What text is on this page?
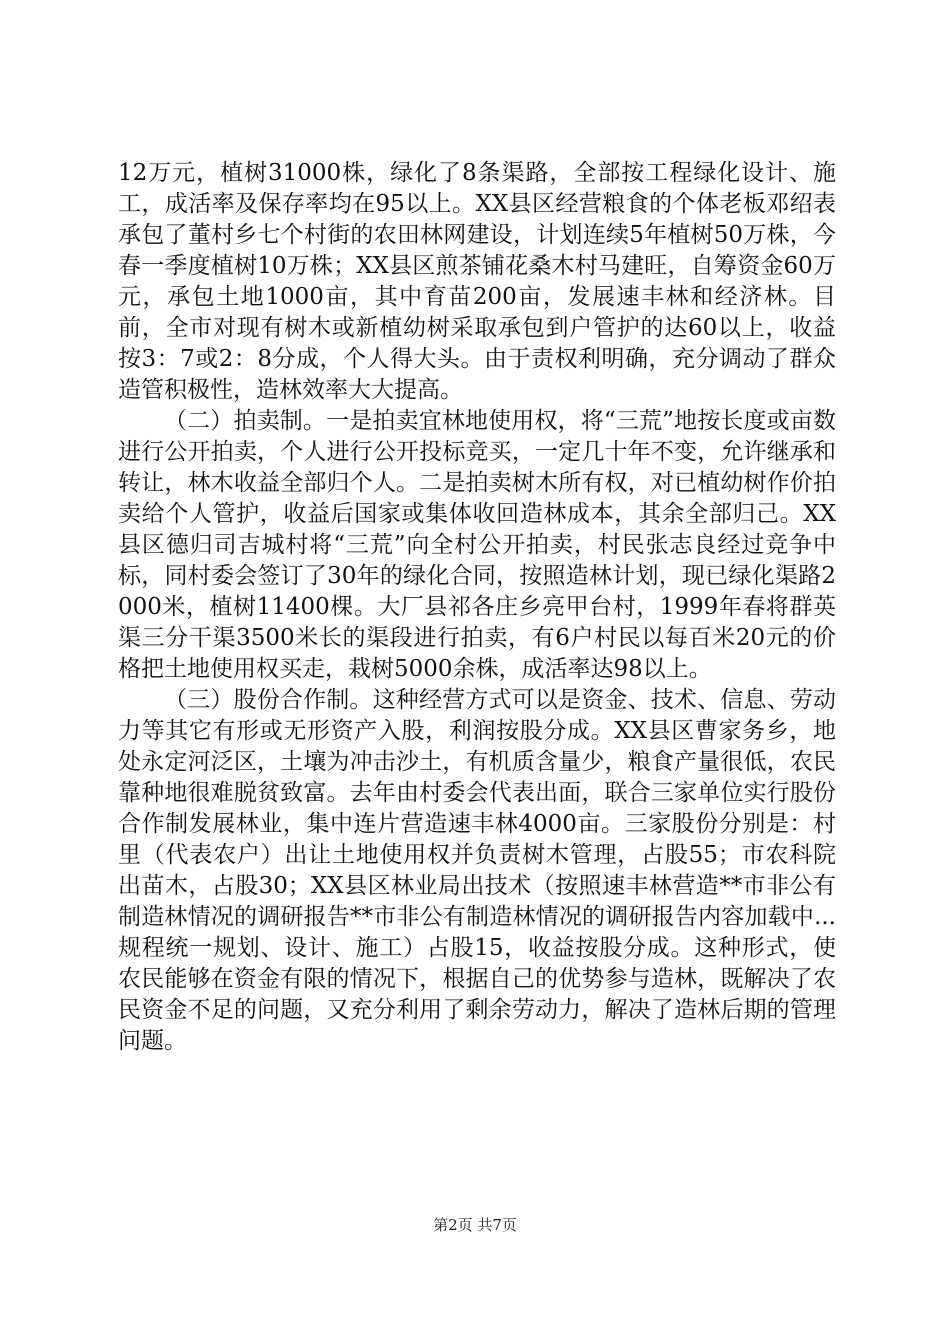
12万元，植树31000株，绿化了8条渠路，全部按工程绿化设计、施工，成活率及保存率均在95以上。XX县区经营粮食的个体老板邓绍表承包了董村乡七个村街的农田林网建设，计划连续5年植树50万株，今春一季度植树10万株；XX县区煎茶铺花桑木村马建旺，自筹资金60万元，承包土地1000亩，其中育苗200亩，发展速丰林和经济林。目前，全市对现有树木或新植幼树采取承包到户管护的达60以上，收益按3：7或2：8分成，个人得大头。由于责权利明确，充分调动了群众造管积极性，造林效率大大提高。

（二）拍卖制。一是拍卖宜林地使用权，将“三荒”地按长度或亩数进行公开拍卖，个人进行公开投标竞买，一定几十年不变，允许继承和转让，林木收益全部归个人。二是拍卖树木所有权，对已植幼树作价拍卖给个人管护，收益后国家或集体收回造林成本，其余全部归己。XX县区德归司吉城村将“三荒”向全村公开拍卖，村民张志良经过竞争中标，同村委会签订了30年的绿化合同，按照造林计划，现已绿化渠路2000米，植树11400棵。大厂县祁各庄乡亮甲台村，1999年春将群英渠三分干渠3500米长的渠段进行拍卖，有6户村民以每百米20元的价格把土地使用权买走，栽树5000余株，成活率达98以上。

（三）股份合作制。这种经营方式可以是资金、技术、信息、劳动力等其它有形或无形资产入股，利润按股分成。XX县区曹家务乡，地处永定河泛区，土壤为冲击沙土，有机质含量少，粮食产量很低，农民靠种地很难脱贫致富。去年由村委会代表出面，联合三家单位实行股份合作制发展林业，集中连片营造速丰林4000亩。三家股份分别是：村里（代表农户）出让土地使用权并负责树木管理，占股55；市农科院出苗木，占股30；XX县区林业局出技术（按照速丰林营造**市非公有制造林情况的调研报告**市非公有制造林情况的调研报告内容加载中...规程统一规划、设计、施工）占股15，收益按股分成。这种形式，使农民能够在资金有限的情况下，根据自己的优势参与造林，既解决了农民资金不足的问题，又充分利用了剩余劳动力，解决了造林后期的管理问题。

第2页 共7页
